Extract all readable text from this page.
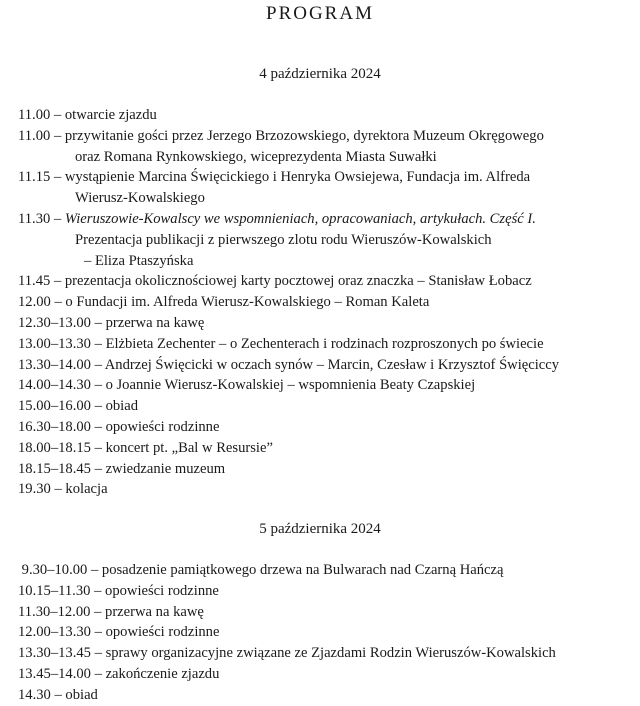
PROGRAM
4 października 2024
11.00 – otwarcie zjazdu
11.00 – przywitanie gości przez Jerzego Brzozowskiego, dyrektora Muzeum Okręgowego
oraz Romana Rynkowskiego, wiceprezydenta Miasta Suwałki
11.15 – wystąpienie Marcina Święcickiego i Henryka Owsiejewa, Fundacja im. Alfreda
Wierusz-Kowalskiego
11.30 – Wieruszowie-Kowalscy we wspomnieniach, opracowaniach, artykułach. Część I.
Prezentacja publikacji z pierwszego zlotu rodu Wieruszów-Kowalskich
– Eliza Ptaszyńska
11.45 – prezentacja okolicznościowej karty pocztowej oraz znaczka – Stanisław Łobacz
12.00 – o Fundacji im. Alfreda Wierusz-Kowalskiego – Roman Kaleta
12.30–13.00 – przerwa na kawę
13.00–13.30 – Elżbieta Zechenter – o Zechenterach i rodzinach rozproszonych po świecie
13.30–14.00 – Andrzej Święcicki w oczach synów – Marcin, Czesław i Krzysztof Święciccy
14.00–14.30 – o Joannie Wierusz-Kowalskiej – wspomnienia Beaty Czapskiej
15.00–16.00 – obiad
16.30–18.00 – opowieści rodzinne
18.00–18.15 – koncert pt. „Bal w Resursie”
18.15–18.45 – zwiedzanie muzeum
19.30 – kolacja
5 października 2024
9.30–10.00 – posadzenie pamiątkowego drzewa na Bulwarach nad Czarną Hańczą
10.15–11.30 – opowieści rodzinne
11.30–12.00 – przerwa na kawę
12.00–13.30 – opowieści rodzinne
13.30–13.45 – sprawy organizacyjne związane ze Zjazdami Rodzin Wieruszów-Kowalskich
13.45–14.00 – zakończenie zjazdu
14.30 – obiad
